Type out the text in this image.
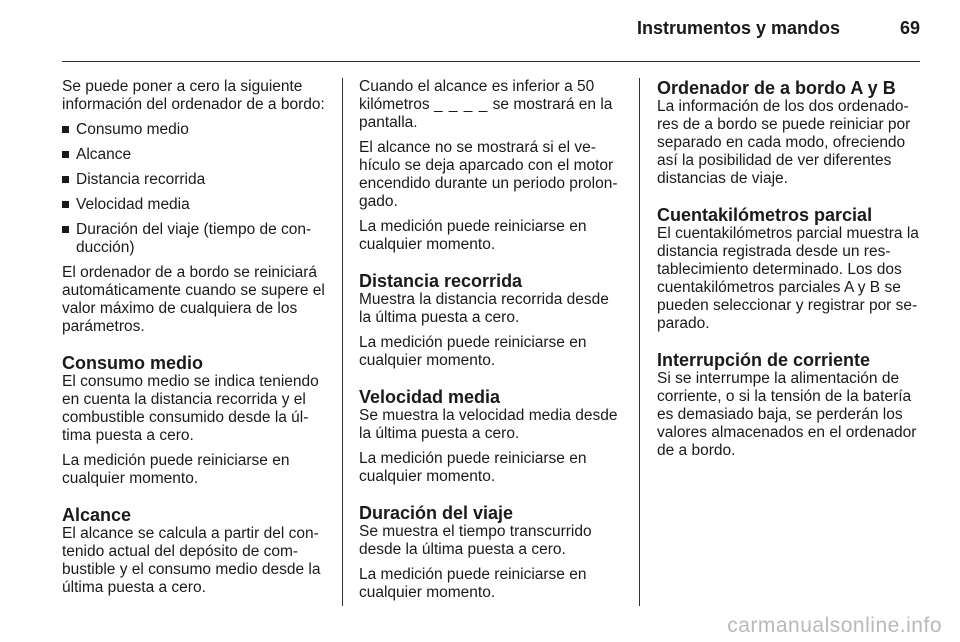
Instrumentos y mandos	69

Se puede poner a cero la siguiente información del ordenador de a bordo:

Consumo medio
Alcance
Distancia recorrida
Velocidad media
Duración del viaje (tiempo de con- ducción)

El ordenador de a bordo se reiniciará automáticamente cuando se supere el valor máximo de cualquiera de los parámetros.

Consumo medio

El consumo medio se indica teniendo en cuenta la distancia recorrida y el combustible consumido desde la úl- tima puesta a cero.

La medición puede reiniciarse en cualquier momento.

Alcance

El alcance se calcula a partir del con- tenido actual del depósito de com- bustible y el consumo medio desde la última puesta a cero.

Cuando el alcance es inferior a 50 kilómetros _ _ _ _ se mostrará en la pantalla.

El alcance no se mostrará si el ve- hículo se deja aparcado con el motor encendido durante un periodo prolon- gado.

La medición puede reiniciarse en cualquier momento.

Distancia recorrida

Muestra la distancia recorrida desde la última puesta a cero.

La medición puede reiniciarse en cualquier momento.

Velocidad media

Se muestra la velocidad media desde la última puesta a cero.

La medición puede reiniciarse en cualquier momento.

Duración del viaje

Se muestra el tiempo transcurrido desde la última puesta a cero.

La medición puede reiniciarse en cualquier momento.

Ordenador de a bordo A y B

La información de los dos ordenado- res de a bordo se puede reiniciar por separado en cada modo, ofreciendo así la posibilidad de ver diferentes distancias de viaje.

Cuentakilómetros parcial

El cuentakilómetros parcial muestra la distancia registrada desde un res- tablecimiento determinado. Los dos cuentakilómetros parciales A y B se pueden seleccionar y registrar por se- parado.

Interrupción de corriente

Si se interrumpe la alimentación de corriente, o si la tensión de la batería es demasiado baja, se perderán los valores almacenados en el ordenador de a bordo.

carmanualsonline.info
